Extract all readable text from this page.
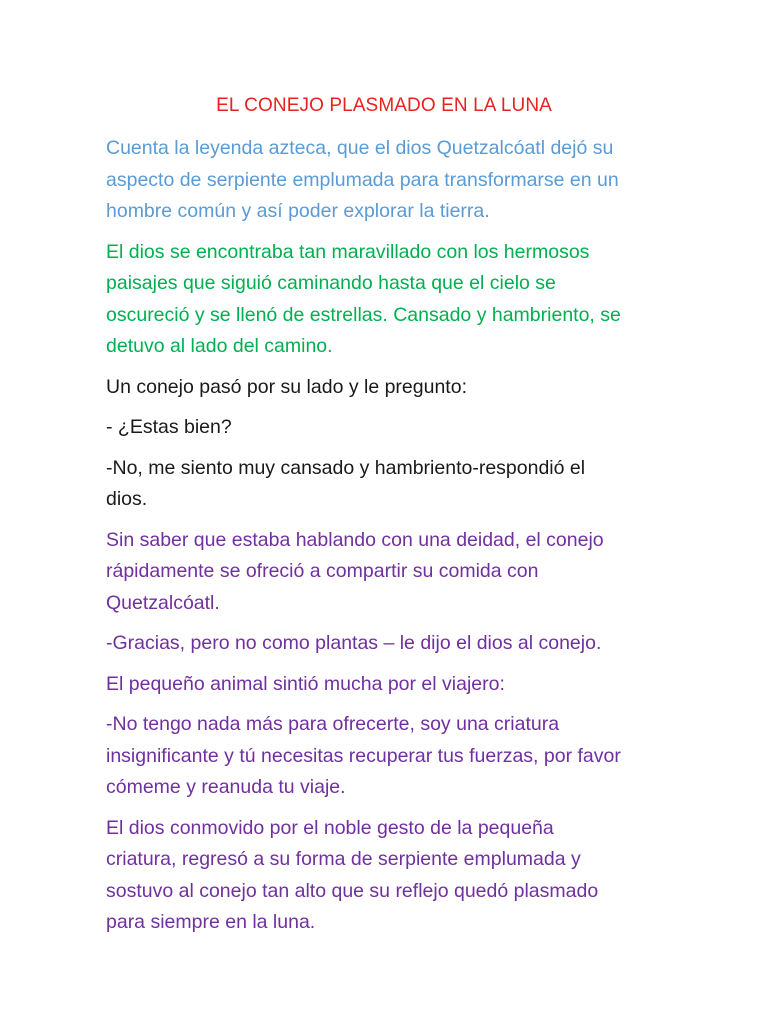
EL CONEJO PLASMADO EN LA LUNA
Cuenta la leyenda azteca, que el dios Quetzalcóatl dejó su
aspecto de serpiente emplumada para transformarse en un
hombre común y así poder explorar la tierra.
El dios se encontraba tan maravillado con los hermosos
paisajes que siguió caminando hasta que el cielo se
oscureció y se llenó de estrellas. Cansado y hambriento, se
detuvo al lado del camino.
Un conejo pasó por su lado y le pregunto:
- ¿Estas bien?
-No, me siento muy cansado y hambriento-respondió el
dios.
Sin saber que estaba hablando con una deidad, el conejo
rápidamente se ofreció a compartir su comida con
Quetzalcóatl.
-Gracias, pero no como plantas – le dijo el dios al conejo.
El pequeño animal sintió mucha por el viajero:
-No tengo nada más para ofrecerte, soy una criatura
insignificante y tú necesitas recuperar tus fuerzas, por favor
cómeme y reanuda tu viaje.
El dios conmovido por el noble gesto de la pequeña
criatura, regresó a su forma de serpiente emplumada y
sostuvo al conejo tan alto que su reflejo quedó plasmado
para siempre en la luna.
